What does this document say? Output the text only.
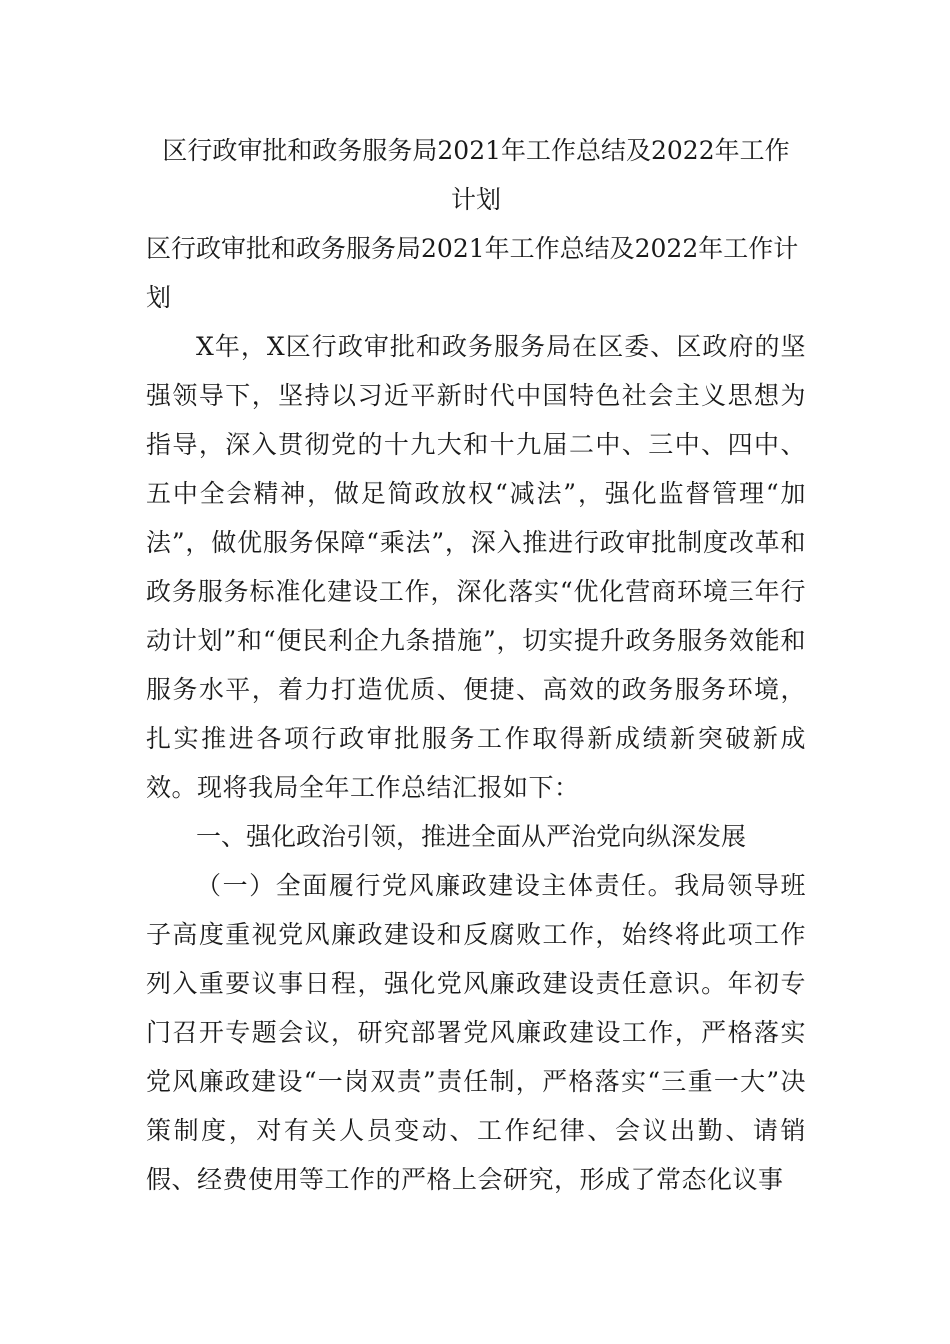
区行政审批和政务服务局2021年工作总结及2022年工作计划

区行政审批和政务服务局2021年工作总结及2022年工作计划

X年，X区行政审批和政务服务局在区委、区政府的坚强领导下，坚持以习近平新时代中国特色社会主义思想为指导，深入贯彻党的十九大和十九届二中、三中、四中、五中全会精神，做足简政放权“减法”，强化监督管理“加法”，做优服务保障“乘法”，深入推进行政审批制度改革和政务服务标准化建设工作，深化落实“优化营商环境三年行动计划”和“便民利企九条措施”，切实提升政务服务效能和服务水平，着力打造优质、便捷、高效的政务服务环境，扎实推进各项行政审批服务工作取得新成绩新突破新成效。现将我局全年工作总结汇报如下：

一、强化政治引领，推进全面从严治党向纵深发展

（一）全面履行党风廉政建设主体责任。我局领导班子高度重视党风廉政建设和反腐败工作，始终将此项工作列入重要议事日程，强化党风廉政建设责任意识。年初专门召开专题会议，研究部署党风廉政建设工作，严格落实党风廉政建设“一岗双责”责任制，严格落实“三重一大”决策制度，对有关人员变动、工作纪律、会议出勤、请销假、经费使用等工作的严格上会研究，形成了常态化议事
